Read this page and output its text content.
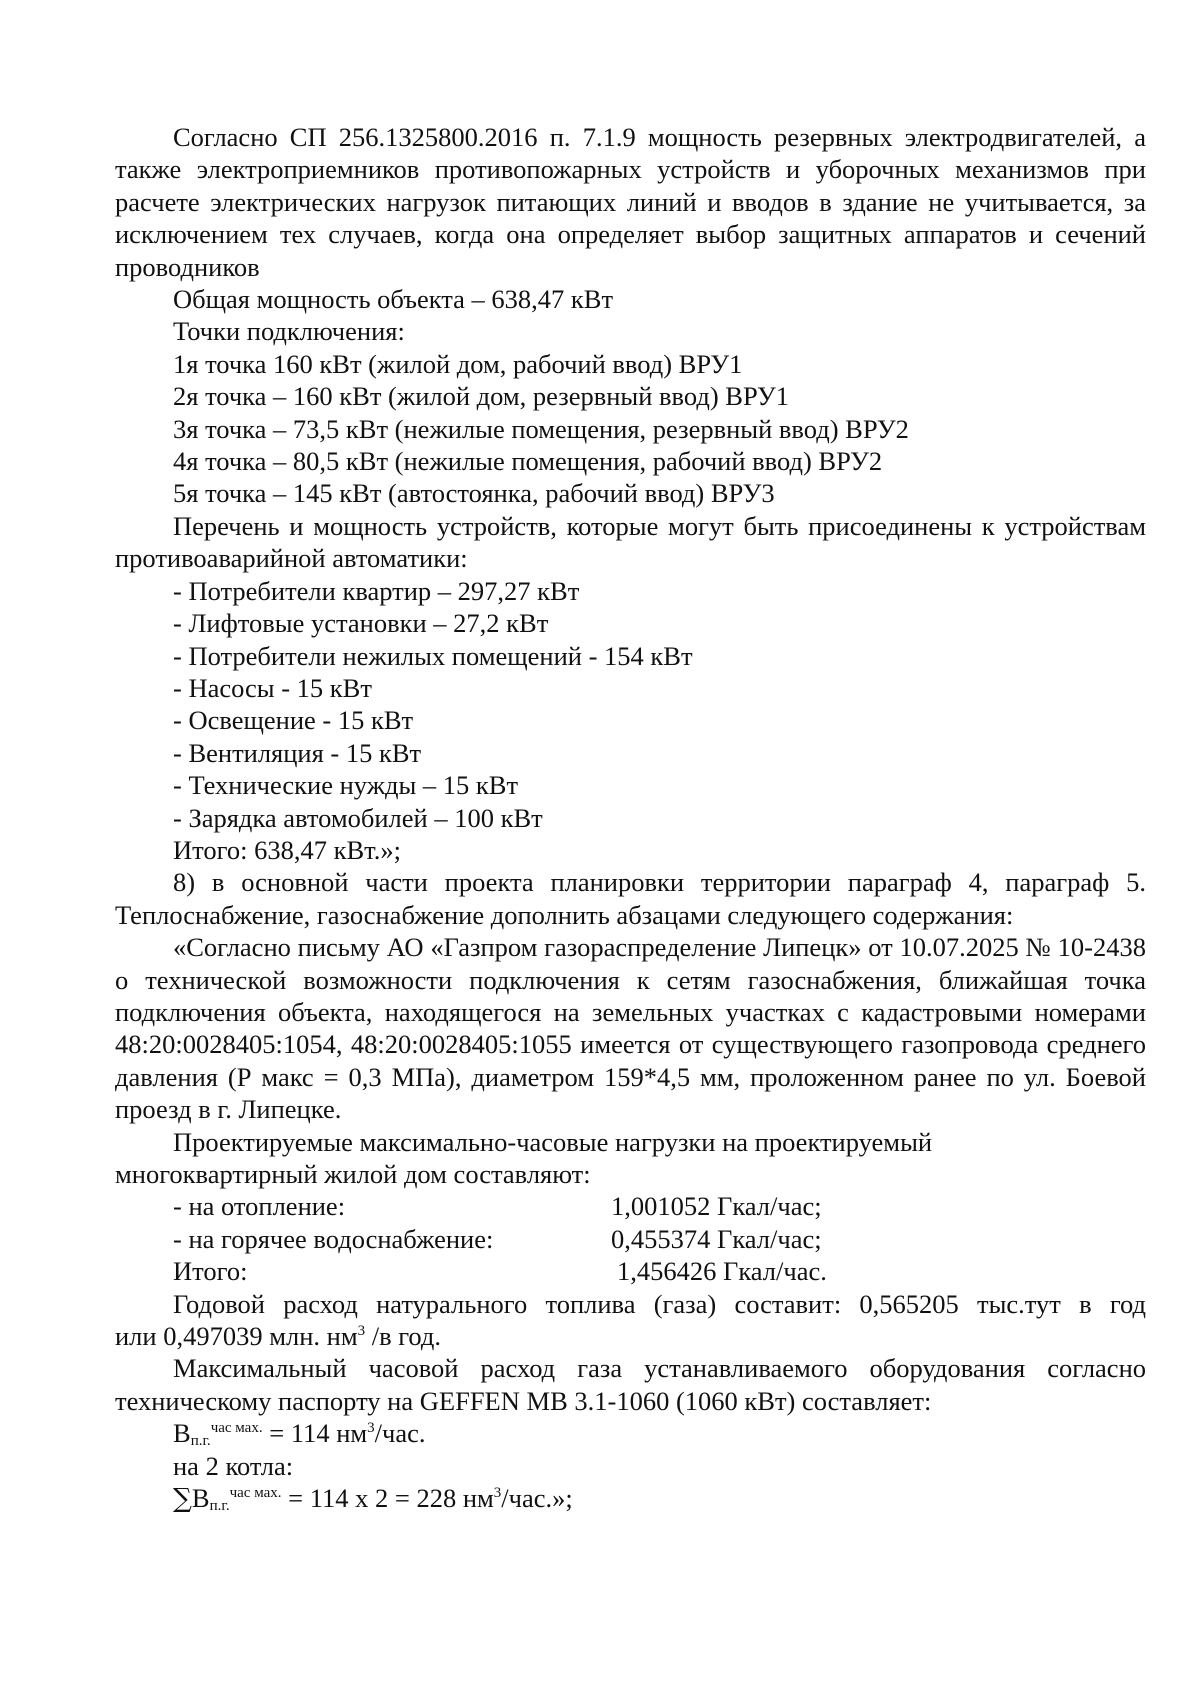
Согласно СП 256.1325800.2016 п. 7.1.9 мощность резервных электродвигателей, а также электроприемников противопожарных устройств и уборочных механизмов при расчете электрических нагрузок питающих линий и вводов в здание не учитывается, за исключением тех случаев, когда она определяет выбор защитных аппаратов и сечений проводников

Общая мощность объекта – 638,47 кВт

Точки подключения:

1я точка 160 кВт (жилой дом, рабочий ввод) ВРУ1

2я точка – 160 кВт (жилой дом, резервный ввод) ВРУ1

3я точка – 73,5 кВт (нежилые помещения, резервный ввод) ВРУ2

4я точка – 80,5 кВт (нежилые помещения, рабочий ввод) ВРУ2

5я точка – 145 кВт (автостоянка, рабочий ввод) ВРУ3

Перечень и мощность устройств, которые могут быть присоединены к устройствам противоаварийной автоматики:

- Потребители квартир – 297,27 кВт

- Лифтовые установки – 27,2 кВт

- Потребители нежилых помещений - 154 кВт

- Насосы - 15 кВт

- Освещение - 15 кВт

- Вентиляция - 15 кВт

- Технические нужды – 15 кВт

- Зарядка автомобилей – 100 кВт

Итого: 638,47 кВт.»;

8) в основной части проекта планировки территории параграф 4, параграф 5. Теплоснабжение, газоснабжение дополнить абзацами следующего содержания:

«Согласно письму АО «Газпром газораспределение Липецк» от 10.07.2025 № 10-2438 о технической возможности подключения к сетям газоснабжения, ближайшая точка подключения объекта, находящегося на земельных участках с кадастровыми номерами 48:20:0028405:1054, 48:20:0028405:1055 имеется от существующего газопровода среднего давления (Р макс = 0,3 МПа), диаметром 159*4,5 мм, проложенном ранее по ул. Боевой проезд в г. Липецке.

Проектируемые максимально-часовые нагрузки на проектируемый

многоквартирный жилой дом составляют:

- на отопление:	1,001052 Гкал/час;
- на горячее водоснабжение:	0,455374 Гкал/час;
Итого:	1,456426 Гкал/час.

Годовой расход натурального топлива (газа) составит: 0,565205 тыс.тут в год

или 0,497039 млн. $нм^3$ /в год.

Максимальный часовой расход газа устанавливаемого оборудования согласно техническому паспорту на GEFFEN MB 3.1-1060 (1060 кВт) составляет:

$В_{п.г.}^{час мах.} = 114$ $нм^3$/час.

на 2 котла:

$\sum В_{п.г.}^{час мах.} = 114$ х 2 = 228 $нм^3$/час.»;
